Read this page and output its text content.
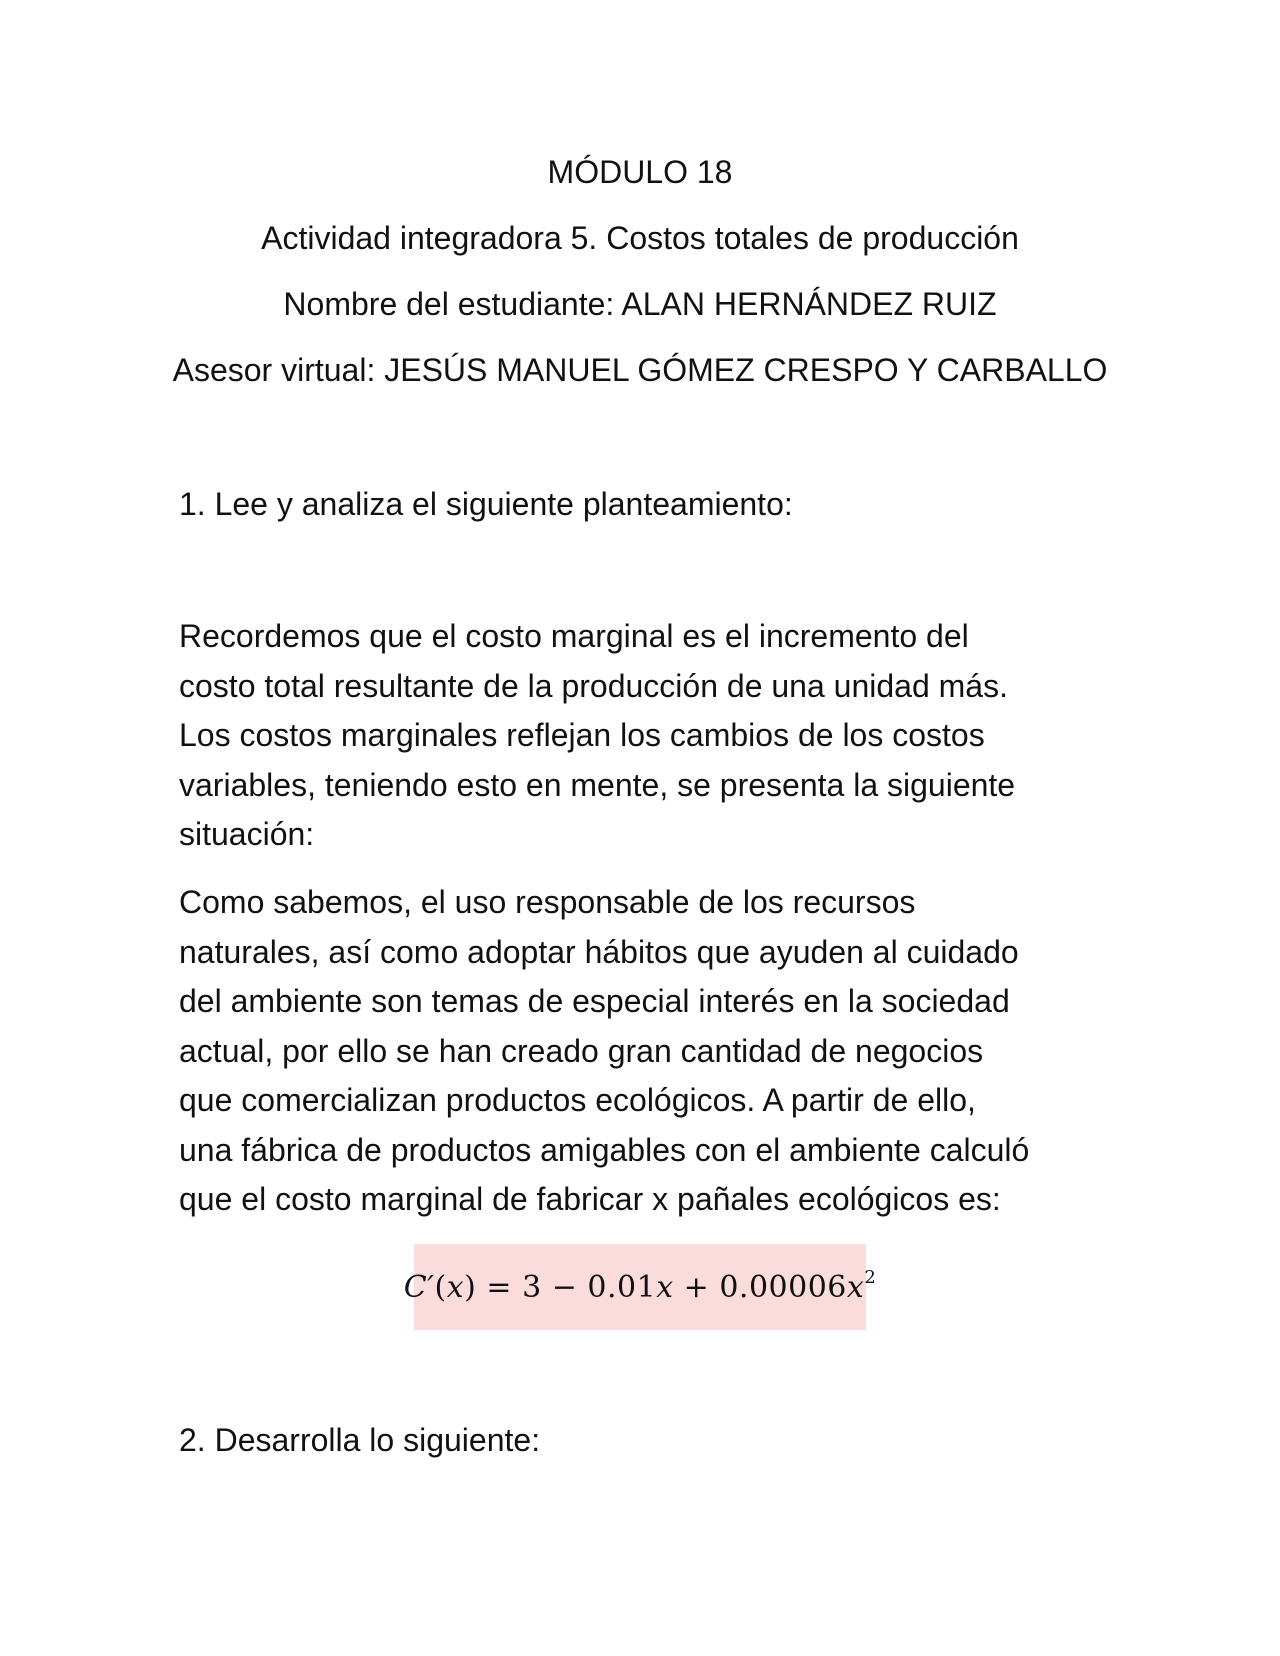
MÓDULO 18
Actividad integradora 5. Costos totales de producción
Nombre del estudiante: ALAN HERNÁNDEZ RUIZ
Asesor virtual: JESÚS MANUEL GÓMEZ CRESPO Y CARBALLO
1. Lee y analiza el siguiente planteamiento:
Recordemos que el costo marginal es el incremento del
costo total resultante de la producción de una unidad más.
Los costos marginales reflejan los cambios de los costos
variables, teniendo esto en mente, se presenta la siguiente
situación:
Como sabemos, el uso responsable de los recursos
naturales, así como adoptar hábitos que ayuden al cuidado
del ambiente son temas de especial interés en la sociedad
actual, por ello se han creado gran cantidad de negocios
que comercializan productos ecológicos. A partir de ello,
una fábrica de productos amigables con el ambiente calculó
que el costo marginal de fabricar x pañales ecológicos es:
$C'(x) = 3 - 0.01x + 0.00006x^2$
2. Desarrolla lo siguiente:
